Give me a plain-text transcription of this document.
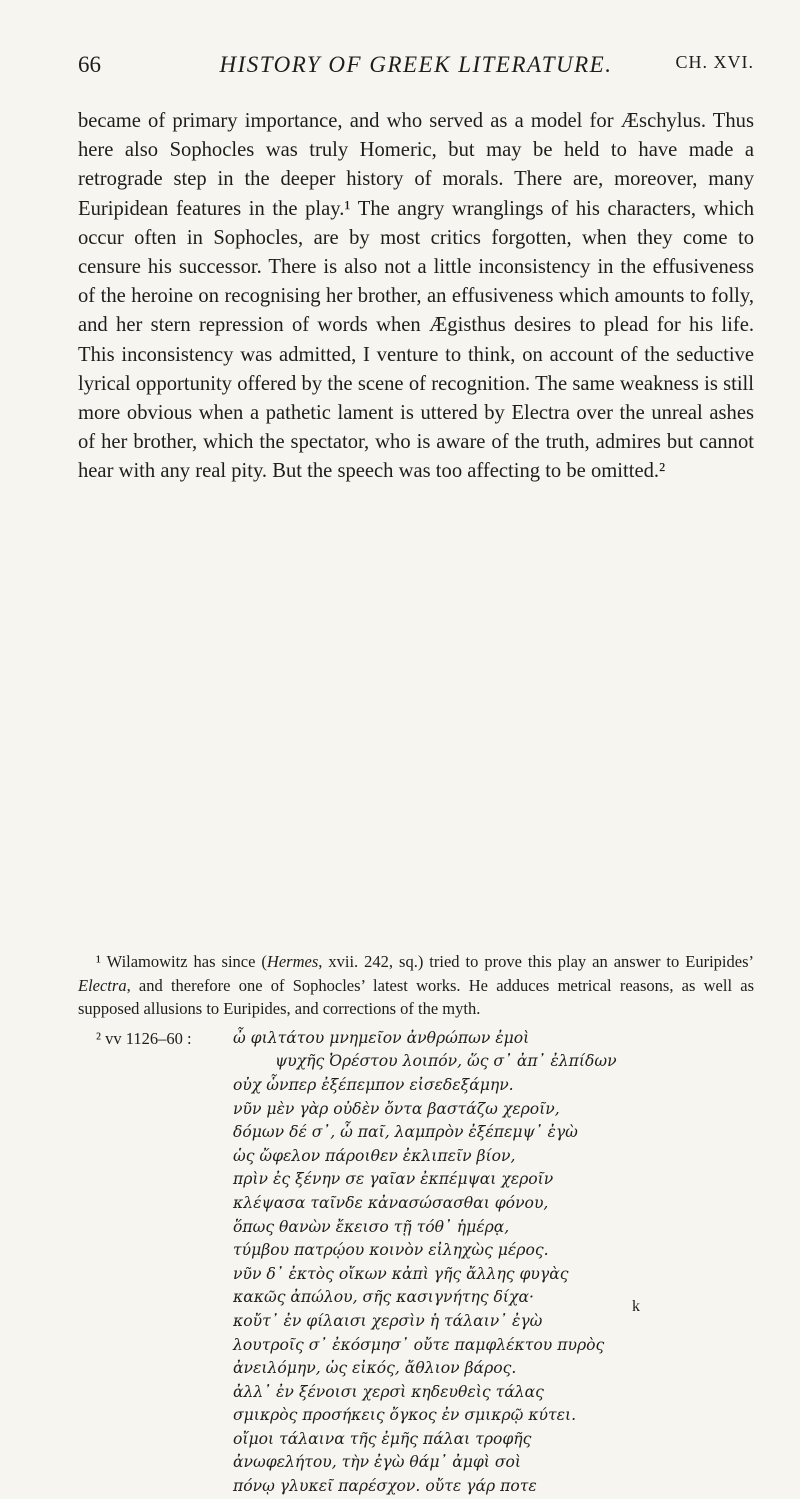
66	HISTORY OF GREEK LITERATURE.	CH. XVI.

became of primary importance, and who served as a model for Æschylus. Thus here also Sophocles was truly Homeric, but may be held to have made a retrograde step in the deeper history of morals. There are, moreover, many Euripidean features in the play.¹ The angry wranglings of his characters, which occur often in Sophocles, are by most critics forgotten, when they come to censure his successor. There is also not a little inconsistency in the effusiveness of the heroine on recognising her brother, an effusiveness which amounts to folly, and her stern repression of words when Ægisthus desires to plead for his life. This inconsistency was admitted, I venture to think, on account of the seductive lyrical opportunity offered by the scene of recognition. The same weakness is still more obvious when a pathetic lament is uttered by Electra over the unreal ashes of her brother, which the spectator, who is aware of the truth, admires but cannot hear with any real pity. But the speech was too affecting to be omitted.²

¹ Wilamowitz has since (Hermes, xvii. 242, sq.) tried to prove this play an answer to Euripides’ Electra, and therefore one of Sophocles’ latest works. He adduces metrical reasons, as well as supposed allusions to Euripides, and corrections of the myth.

² vv 1126–60 :	ὦ φιλτάτου μνημεῖον ἀνθρώπων ἐμοὶ
ψυχῆς Ὀρέστου λοιπόν, ὥς σ᾽ ἀπ᾽ ἐλπίδων
οὐχ ὧνπερ ἐξέπεμπον εἰσεδεξάμην.
νῦν μὲν γὰρ οὐδὲν ὄντα βαστάζω χεροῖν,
δόμων δέ σ᾽, ὦ παῖ, λαμπρὸν ἐξέπεμψ᾽ ἐγὼ
ὡς ὤφελον πάροιθεν ἐκλιπεῖν βίον,
πρὶν ἐς ξένην σε γαῖαν ἐκπέμψαι χεροῖν
κλέψασα ταῖνδε κἀνασώσασθαι φόνου,
ὅπως θανὼν ἔκεισο τῇ τόθ᾽ ἡμέρᾳ,
τύμβου πατρῴου κοινὸν εἰληχὼς μέρος.
νῦν δ᾽ ἐκτὸς οἴκων κἀπὶ γῆς ἄλλης φυγὰς
κακῶς ἀπώλου, σῆς κασιγνήτης δίχα·
κοὔτ᾽ ἐν φίλαισι χερσὶν ἡ τάλαιν᾽ ἐγὼ
λουτροῖς σ᾽ ἐκόσμησ᾽ οὔτε παμφλέκτου πυρὸς
ἀνειλόμην, ὡς εἰκός, ἄθλιον βάρος.
ἀλλ᾽ ἐν ξένοισι χερσὶ κηδευθεὶς τάλας
σμικρὸς προσήκεις ὄγκος ἐν σμικρῷ κύτει.
οἴμοι τάλαινα τῆς ἐμῆς πάλαι τροφῆς
ἀνωφελήτου, τὴν ἐγὼ θάμ᾽ ἀμφὶ σοὶ
πόνῳ γλυκεῖ παρέσχον. οὔτε γάρ ποτε
k
